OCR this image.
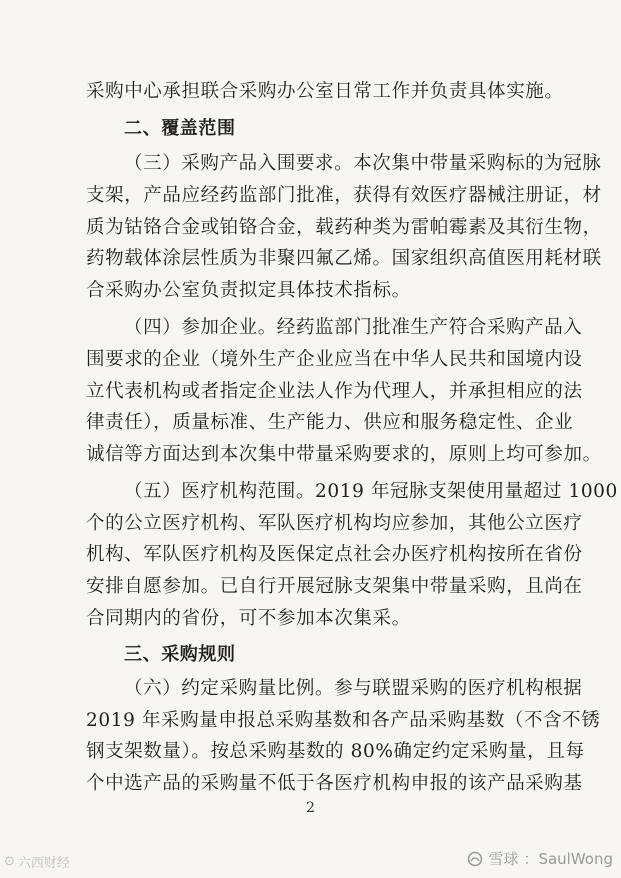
采购中心承担联合采购办公室日常工作并负责具体实施。
二、覆盖范围
（三）采购产品入围要求。本次集中带量采购标的为冠脉
支架，产品应经药监部门批准，获得有效医疗器械注册证，材
质为钴铬合金或铂铬合金，载药种类为雷帕霉素及其衍生物，
药物载体涂层性质为非聚四氟乙烯。国家组织高值医用耗材联
合采购办公室负责拟定具体技术指标。
（四）参加企业。经药监部门批准生产符合采购产品入
围要求的企业（境外生产企业应当在中华人民共和国境内设
立代表机构或者指定企业法人作为代理人，并承担相应的法
律责任），质量标准、生产能力、供应和服务稳定性、企业
诚信等方面达到本次集中带量采购要求的，原则上均可参加。
（五）医疗机构范围。2019 年冠脉支架使用量超过 1000
个的公立医疗机构、军队医疗机构均应参加，其他公立医疗
机构、军队医疗机构及医保定点社会办医疗机构按所在省份
安排自愿参加。已自行开展冠脉支架集中带量采购，且尚在
合同期内的省份，可不参加本次集采。
三、采购规则
（六）约定采购量比例。参与联盟采购的医疗机构根据
2019 年采购量申报总采购基数和各产品采购基数（不含不锈
钢支架数量）。按总采购基数的 80%确定约定采购量，且每
个中选产品的采购量不低于各医疗机构申报的该产品采购基
2
⊙ 六西财经	雪球 ：SaulWong
